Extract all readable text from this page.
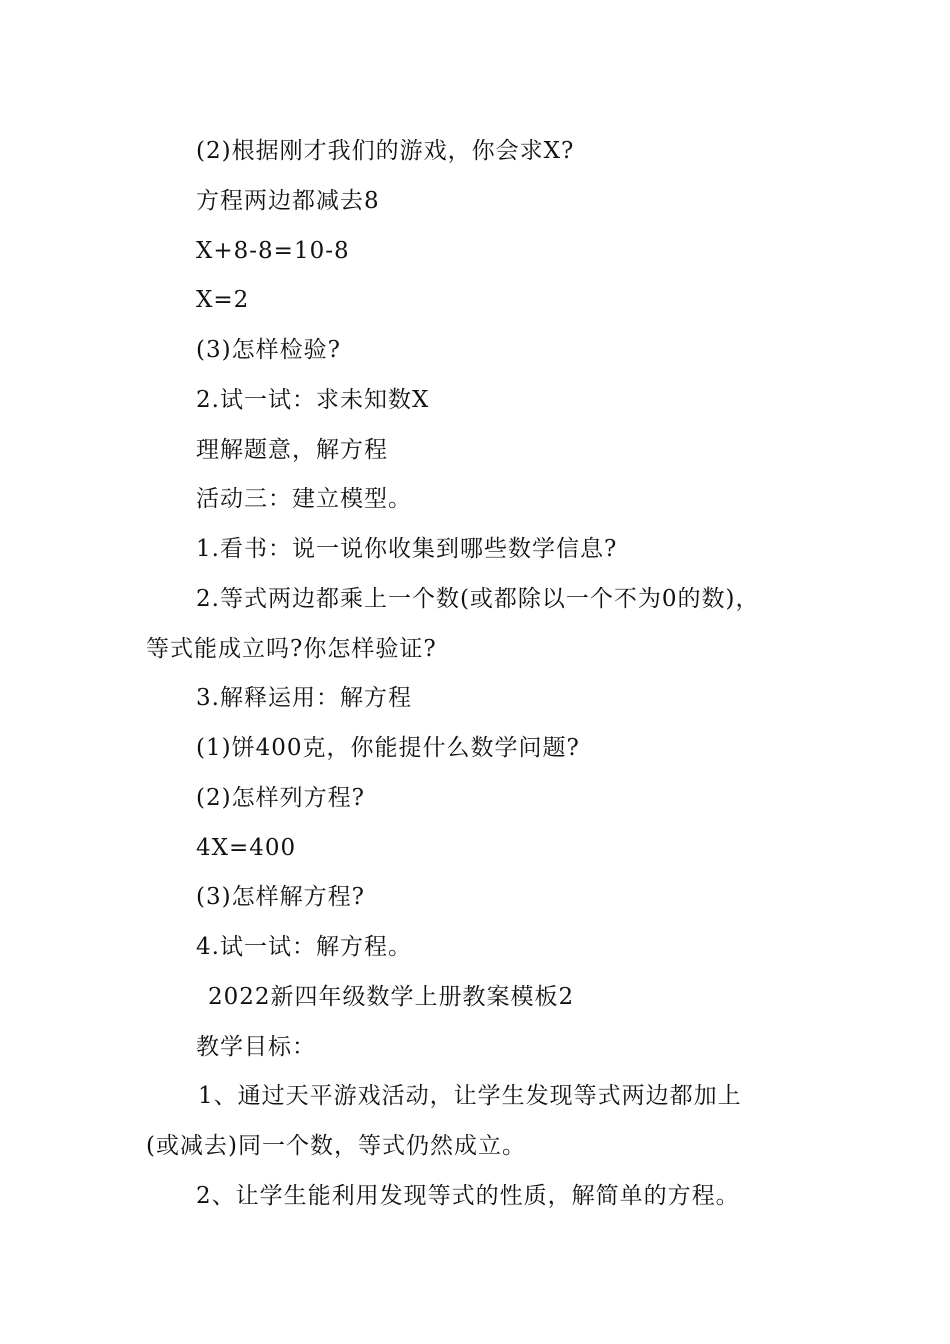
(2)根据刚才我们的游戏，你会求X?
方程两边都减去8
X+8-8=10-8
X=2
(3)怎样检验?
2.试一试：求未知数X
理解题意，解方程
活动三：建立模型。
1.看书：说一说你收集到哪些数学信息?
2.等式两边都乘上一个数(或都除以一个不为0的数)，
等式能成立吗?你怎样验证?
3.解释运用：解方程
(1)饼400克，你能提什么数学问题?
(2)怎样列方程?
4X=400
(3)怎样解方程?
4.试一试：解方程。
2022新四年级数学上册教案模板2
教学目标：
1、通过天平游戏活动，让学生发现等式两边都加上
(或减去)同一个数，等式仍然成立。
2、让学生能利用发现等式的性质，解简单的方程。
